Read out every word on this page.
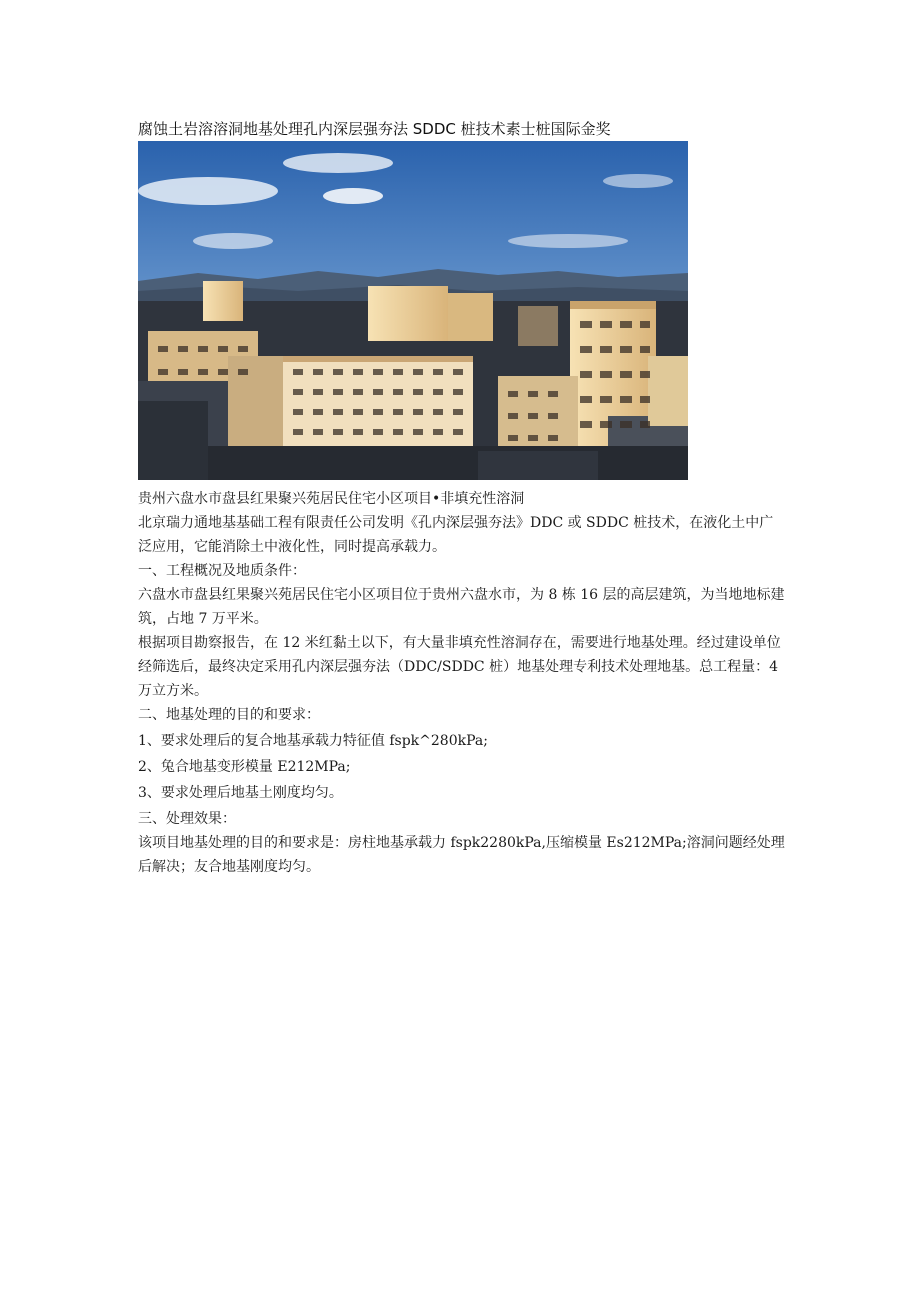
腐蚀土岩溶溶洞地基处理孔内深层强夯法 SDDC 桩技术素士桩国际金奖

贵州六盘水市盘县红果聚兴苑居民住宅小区项目•非填充性溶洞

北京瑞力通地基基础工程有限责任公司发明《孔内深层强夯法》DDC 或 SDDC 桩技术，在液化土中广泛应用，它能消除土中液化性，同时提高承载力。

一、工程概况及地质条件：

六盘水市盘县红果聚兴苑居民住宅小区项目位于贵州六盘水市，为 8 栋 16 层的高层建筑，为当地地标建筑，占地 7 万平米。

根据项目勘察报告，在 12 米红黏土以下，有大量非填充性溶洞存在，需要进行地基处理。经过建设单位经筛选后，最终决定采用孔内深层强夯法（DDC/SDDC 桩）地基处理专利技术处理地基。总工程量：4 万立方米。

二、地基处理的目的和要求：

1、要求处理后的复合地基承载力特征值 fspk^280kPa;

2、兔合地基变形模量 E212MPa;

3、要求处理后地基土刚度均匀。

三、处理效果：

该项目地基处理的目的和要求是：房柱地基承载力 fspk2280kPa,压缩模量 Es212MPa;溶洞问题经处理后解决；友合地基刚度均匀。
